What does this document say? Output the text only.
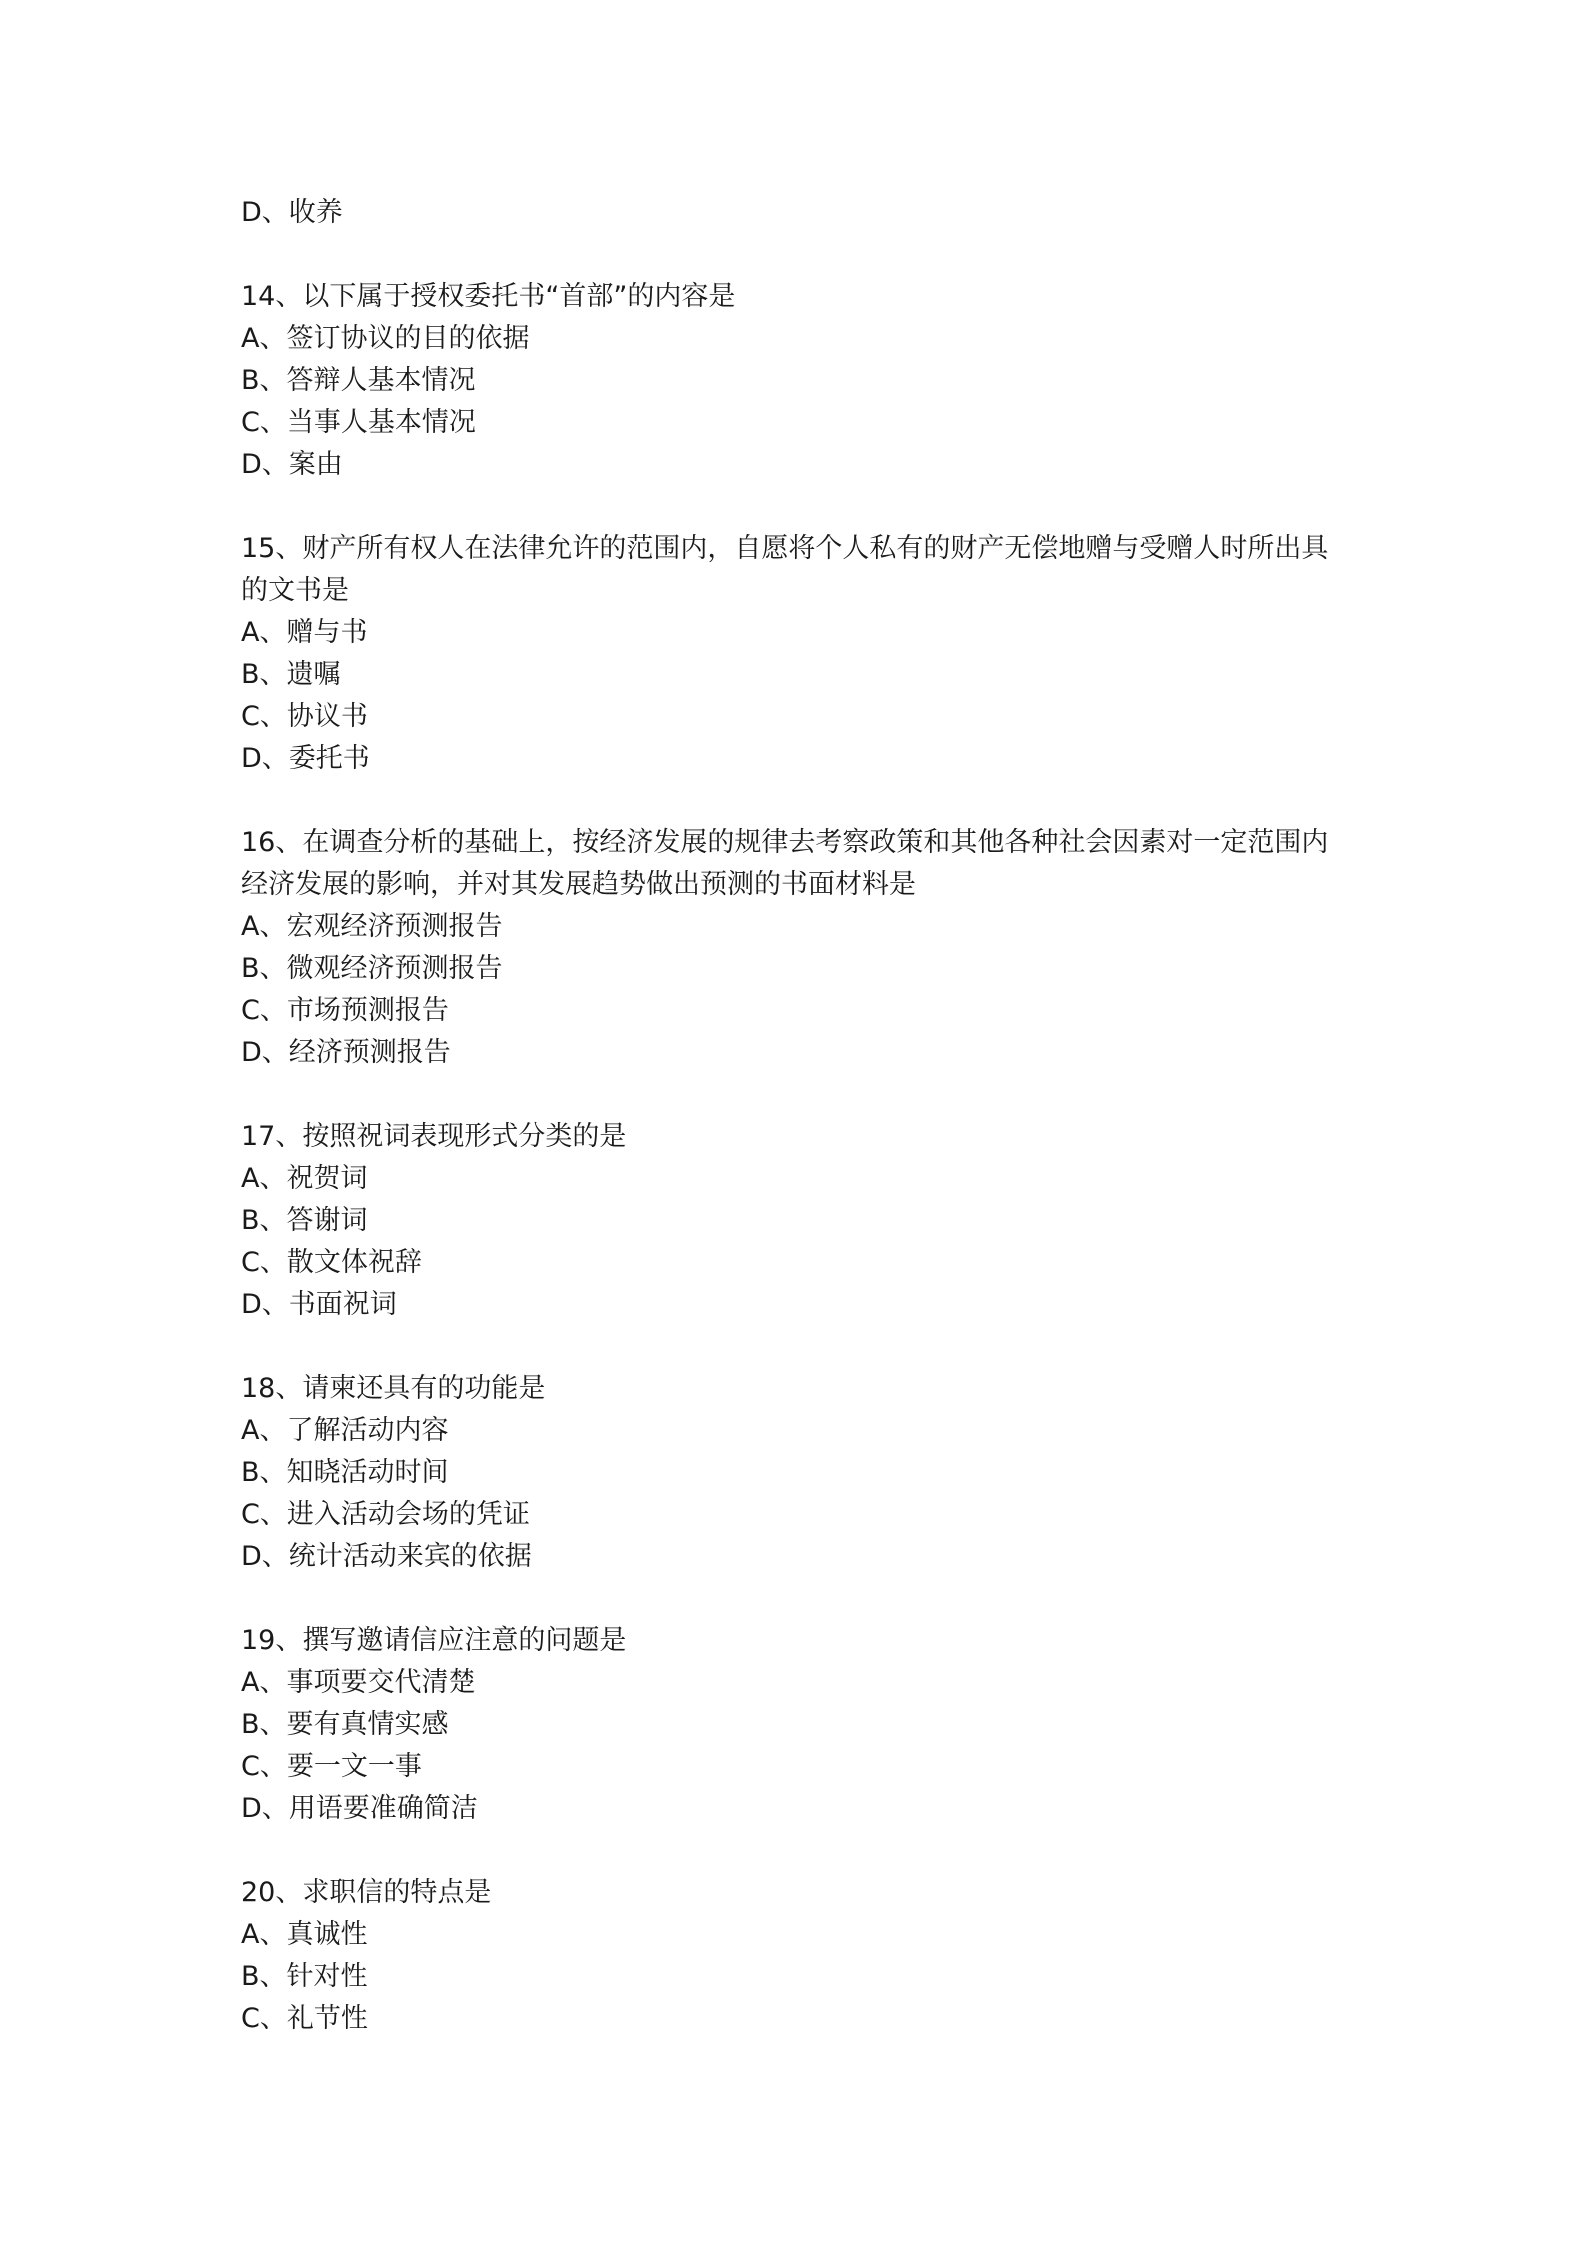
D、收养

14、以下属于授权委托书“首部”的内容是

A、签订协议的目的依据

B、答辩人基本情况

C、当事人基本情况

D、案由

15、财产所有权人在法律允许的范围内，自愿将个人私有的财产无偿地赠与受赠人时所出具

的文书是

A、赠与书

B、遗嘱

C、协议书

D、委托书

16、在调查分析的基础上，按经济发展的规律去考察政策和其他各种社会因素对一定范围内

经济发展的影响，并对其发展趋势做出预测的书面材料是

A、宏观经济预测报告

B、微观经济预测报告

C、市场预测报告

D、经济预测报告

17、按照祝词表现形式分类的是

A、祝贺词

B、答谢词

C、散文体祝辞

D、书面祝词

18、请柬还具有的功能是

A、了解活动内容

B、知晓活动时间

C、进入活动会场的凭证

D、统计活动来宾的依据

19、撰写邀请信应注意的问题是

A、事项要交代清楚

B、要有真情实感

C、要一文一事

D、用语要准确简洁

20、求职信的特点是

A、真诚性

B、针对性

C、礼节性
